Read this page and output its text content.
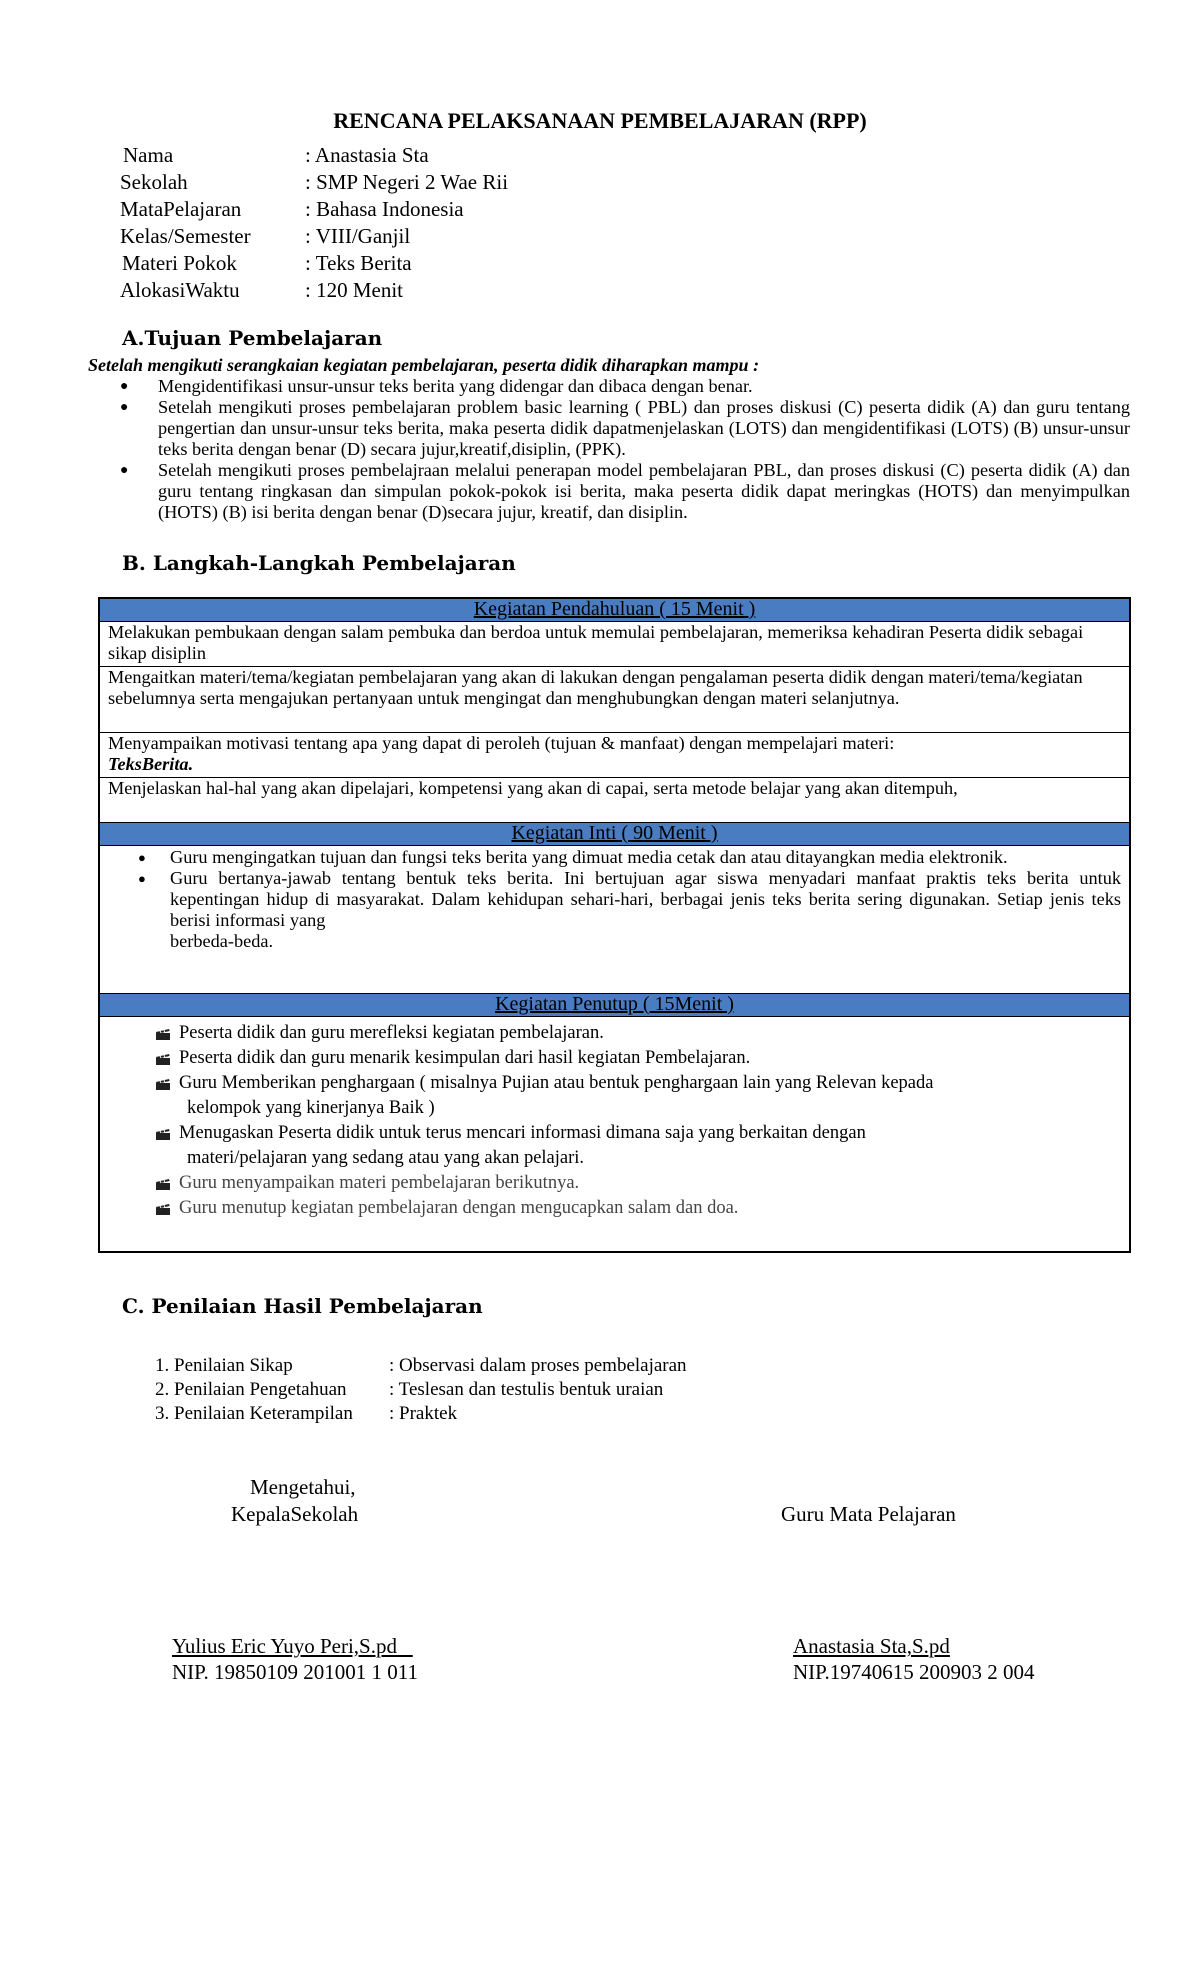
RENCANA PELAKSANAAN PEMBELAJARAN (RPP)
Nama	: Anastasia Sta
Sekolah	: SMP Negeri 2 Wae Rii
MataPelajaran	: Bahasa Indonesia
Kelas/Semester	: VIII/Ganjil
Materi Pokok	: Teks Berita
AlokasiWaktu	: 120 Menit
A.Tujuan Pembelajaran
Setelah mengikuti serangkaian kegiatan pembelajaran, peserta didik diharapkan mampu :
●
Mengidentifikasi unsur-unsur teks berita yang didengar dan dibaca dengan benar.
●
Setelah mengikuti proses pembelajaran problem basic learning ( PBL) dan proses diskusi (C) peserta didik (A) dan guru tentang pengertian dan unsur-unsur teks berita, maka peserta didik dapatmenjelaskan (LOTS) dan mengidentifikasi (LOTS) (B) unsur-unsur teks berita dengan benar (D) secara jujur,kreatif,disiplin, (PPK).
●
Setelah mengikuti proses pembelajraan melalui penerapan model pembelajaran PBL, dan proses diskusi (C) peserta didik (A) dan guru tentang ringkasan dan simpulan pokok-pokok isi berita, maka peserta didik dapat meringkas (HOTS) dan menyimpulkan (HOTS) (B) isi berita dengan benar (D)secara jujur, kreatif, dan disiplin.
B. Langkah-Langkah Pembelajaran
Kegiatan Pendahuluan ( 15 Menit )
Melakukan pembukaan dengan salam pembuka dan berdoa untuk memulai pembelajaran, memeriksa kehadiran Peserta didik sebagai sikap disiplin
Mengaitkan materi/tema/kegiatan pembelajaran yang akan di lakukan dengan pengalaman peserta didik dengan materi/tema/kegiatan sebelumnya serta mengajukan pertanyaan untuk mengingat dan menghubungkan dengan materi selanjutnya.
Menyampaikan motivasi tentang apa yang dapat di peroleh (tujuan & manfaat) dengan mempelajari materi:
TeksBerita.
Menjelaskan hal-hal yang akan dipelajari, kompetensi yang akan di capai, serta metode belajar yang akan ditempuh,
Kegiatan Inti ( 90 Menit )

●
Guru mengingatkan tujuan dan fungsi teks berita yang dimuat media cetak dan atau ditayangkan media elektronik.
●
Guru bertanya-jawab tentang bentuk teks berita. Ini bertujuan agar siswa menyadari manfaat praktis teks berita untuk kepentingan hidup di masyarakat. Dalam kehidupan sehari-hari, berbagai jenis teks berita sering digunakan. Setiap jenis teks berisi informasi yang
berbeda-beda.

Kegiatan Penutup ( 15Menit )

Peserta didik dan guru merefleksi kegiatan pembelajaran.
Peserta didik dan guru menarik kesimpulan dari hasil kegiatan Pembelajaran.
Guru Memberikan penghargaan ( misalnya Pujian atau bentuk penghargaan lain yang Relevan kepada
kelompok yang kinerjanya Baik )
Menugaskan Peserta didik untuk terus mencari informasi dimana saja yang berkaitan dengan
materi/pelajaran yang sedang atau yang akan pelajari.
Guru menyampaikan materi pembelajaran berikutnya.
Guru menutup kegiatan pembelajaran dengan mengucapkan salam dan doa.
C. Penilaian Hasil Pembelajaran
1. Penilaian Sikap	: Observasi dalam proses pembelajaran
2. Penilaian Pengetahuan : Teslesan dan testulis bentuk uraian
3. Penilaian Keterampilan : Praktek
Mengetahui,
KepalaSekolah	Guru Mata Pelajaran
Yulius Eric Yuyo Peri,S.pd
NIP. 19850109 201001 1 011
Anastasia Sta,S.pd
NIP.19740615 200903 2 004
